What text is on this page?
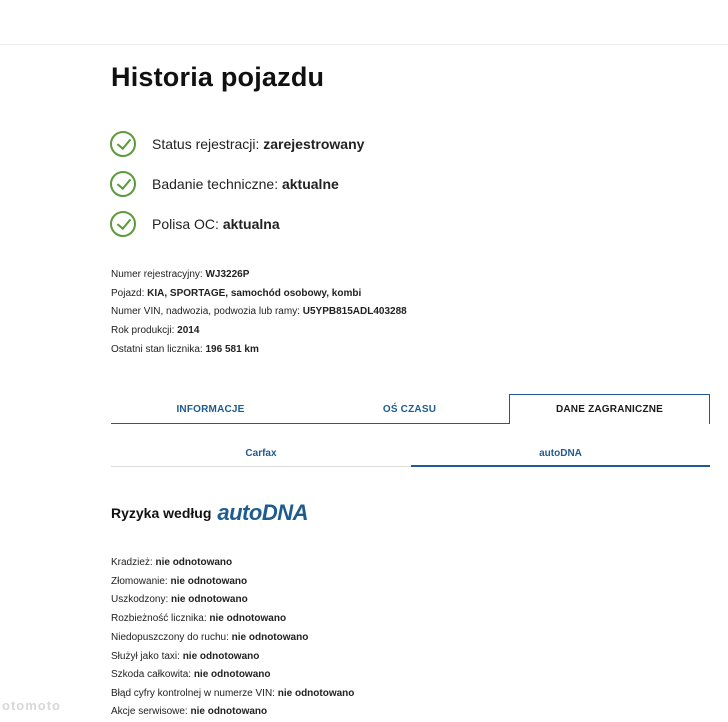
Historia pojazdu
Status rejestracji: zarejestrowany
Badanie techniczne: aktualne
Polisa OC: aktualna
Numer rejestracyjny: WJ3226P
Pojazd: KIA, SPORTAGE, samochód osobowy, kombi
Numer VIN, nadwozia, podwozia lub ramy: U5YPB815ADL403288
Rok produkcji: 2014
Ostatni stan licznika: 196 581 km
INFORMACJE	OŚ CZASU	DANE ZAGRANICZNE
Carfax	autoDNA
Ryzyka według autoDNA
Kradzież: nie odnotowano
Złomowanie: nie odnotowano
Uszkodzony: nie odnotowano
Rozbieżność licznika: nie odnotowano
Niedopuszczony do ruchu: nie odnotowano
Służył jako taxi: nie odnotowano
Szkoda całkowita: nie odnotowano
Błąd cyfry kontrolnej w numerze VIN: nie odnotowano
Akcje serwisowe: nie odnotowano
otomoto
